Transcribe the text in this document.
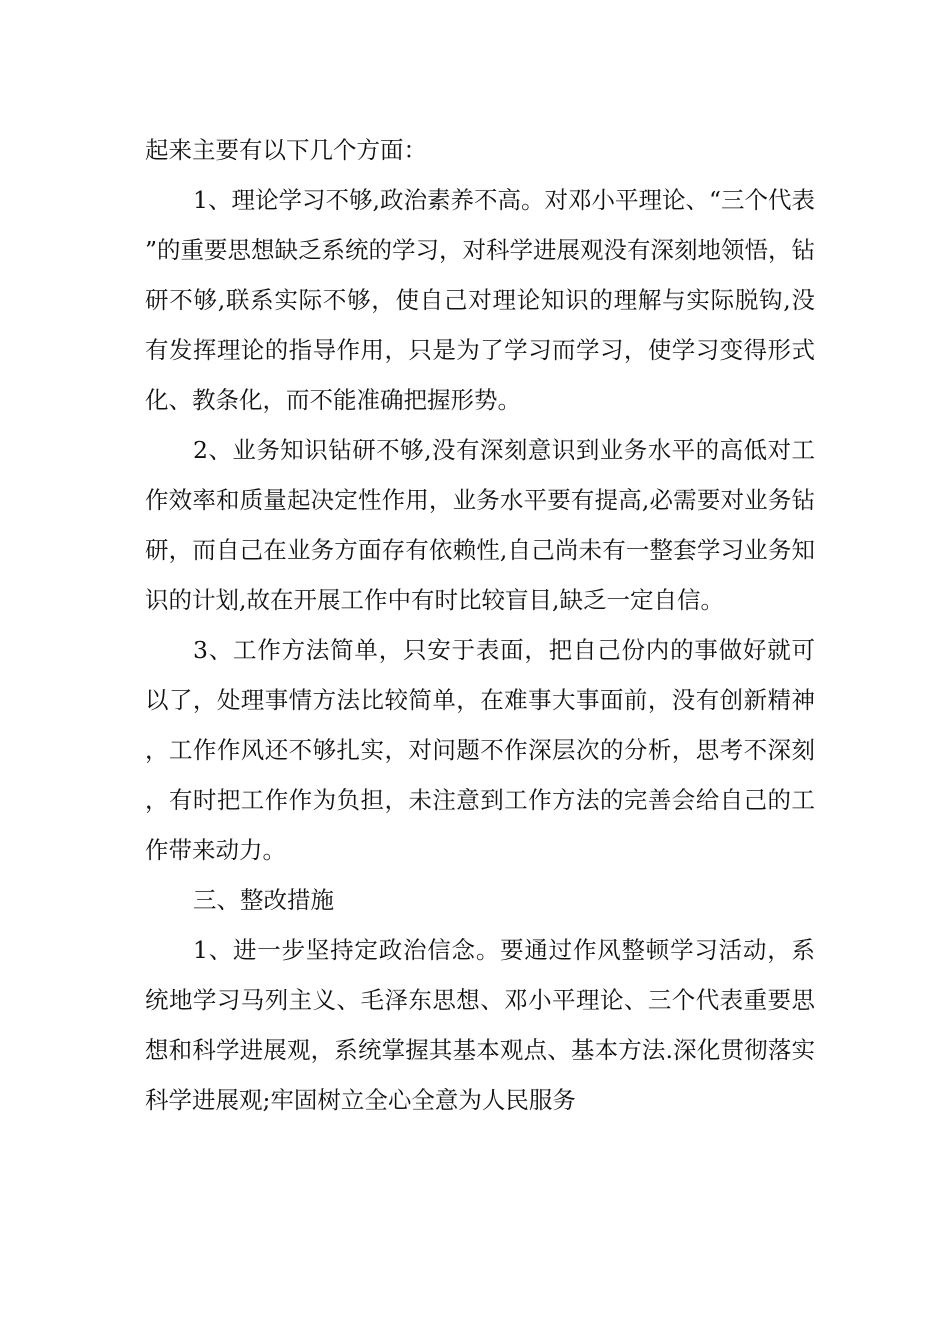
起来主要有以下几个方面：

1、理论学习不够,政治素养不高。对邓小平理论、“三个代表”的重要思想缺乏系统的学习，对科学进展观没有深刻地领悟，钻研不够,联系实际不够，使自己对理论知识的理解与实际脱钩,没有发挥理论的指导作用，只是为了学习而学习，使学习变得形式化、教条化，而不能准确把握形势。

2、业务知识钻研不够,没有深刻意识到业务水平的高低对工作效率和质量起决定性作用，业务水平要有提高,必需要对业务钻研，而自己在业务方面存有依赖性,自己尚未有一整套学习业务知识的计划,故在开展工作中有时比较盲目,缺乏一定自信。

3、工作方法简单，只安于表面，把自己份内的事做好就可以了，处理事情方法比较简单，在难事大事面前，没有创新精神，工作作风还不够扎实，对问题不作深层次的分析，思考不深刻，有时把工作作为负担，未注意到工作方法的完善会给自己的工作带来动力。

三、整改措施

1、进一步坚持定政治信念。要通过作风整顿学习活动，系统地学习马列主义、毛泽东思想、邓小平理论、三个代表重要思想和科学进展观，系统掌握其基本观点、基本方法.深化贯彻落实科学进展观;牢固树立全心全意为人民服务
